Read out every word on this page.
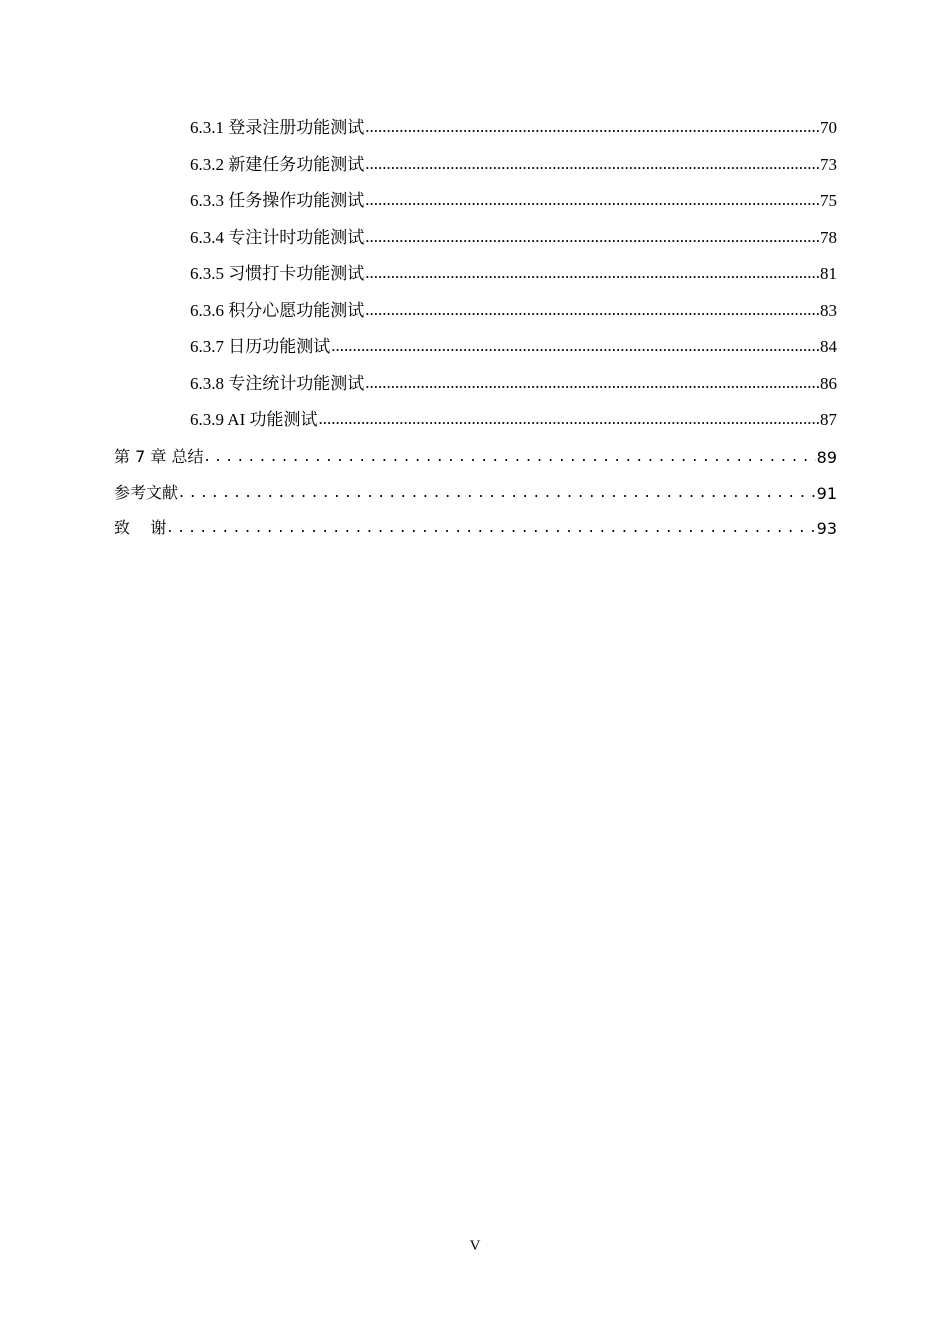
6.3.1 登录注册功能测试 .....	70
6.3.2 新建任务功能测试 .....	73
6.3.3 任务操作功能测试 .....	75
6.3.4 专注计时功能测试 .....	78
6.3.5 习惯打卡功能测试 .....	81
6.3.6 积分心愿功能测试 .....	83
6.3.7 日历功能测试 .....	84
6.3.8 专注统计功能测试 .....	86
6.3.9 AI 功能测试 .....	87
第 7 章 总结 .....	89
参考文献 .....	91
致    谢 .....	93
V
